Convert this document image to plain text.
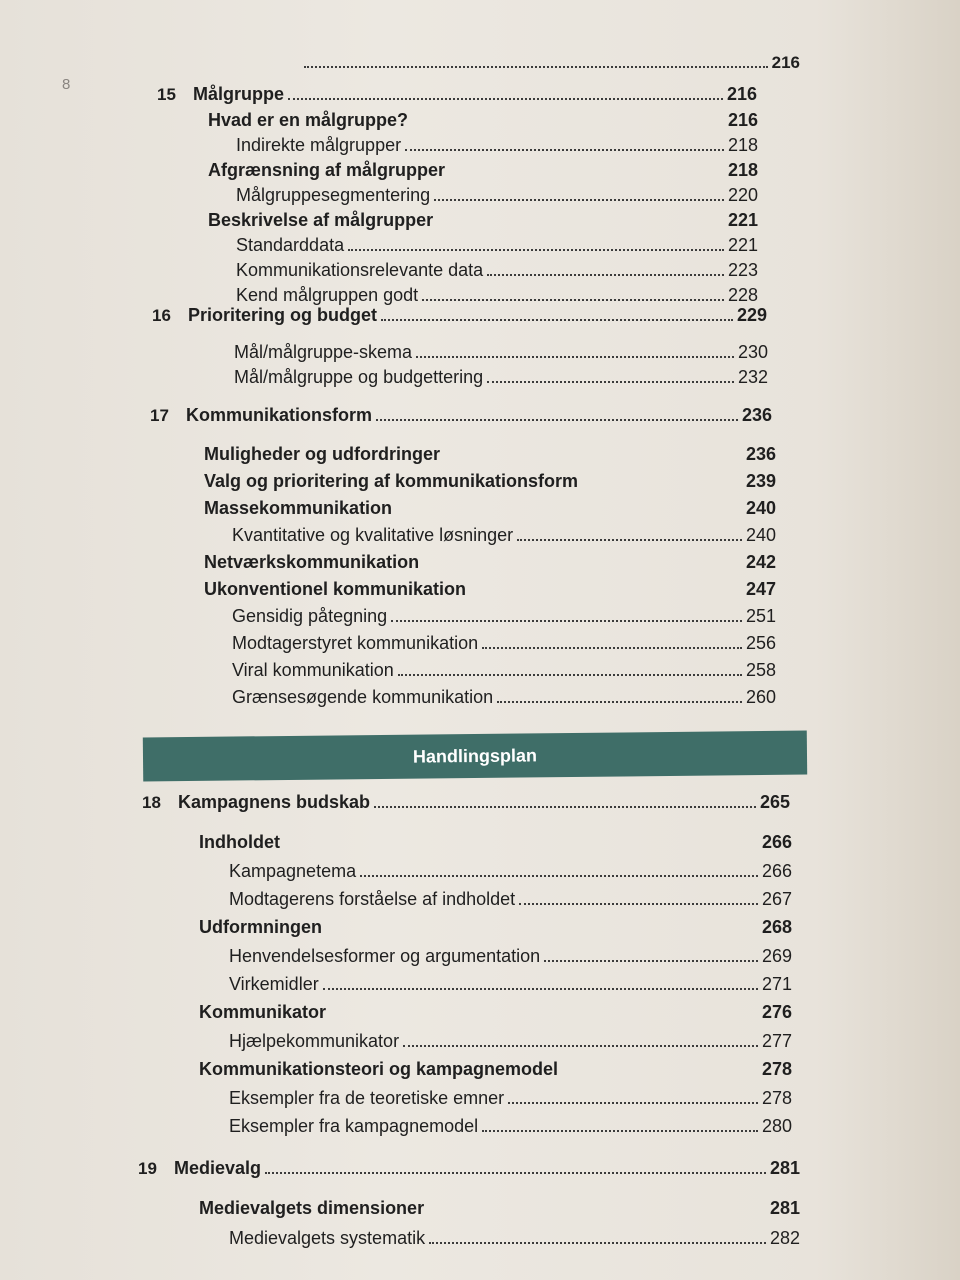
8
216
15 Målgruppe	216
Hvad er en målgruppe?	216
Indirekte målgrupper	218
Afgrænsning af målgrupper	218
Målgruppesegmentering	220
Beskrivelse af målgrupper	221
Standarddata	221
Kommunikationsrelevante data	223
Kend målgruppen godt	228
16 Prioritering og budget	229
Mål/målgruppe-skema	230
Mål/målgruppe og budgettering	232
17 Kommunikationsform	236
Muligheder og udfordringer	236
Valg og prioritering af kommunikationsform	239
Massekommunikation	240
Kvantitative og kvalitative løsninger	240
Netværkskommunikation	242
Ukonventionel kommunikation	247
Gensidig påtegning	251
Modtagerstyret kommunikation	256
Viral kommunikation	258
Grænsesøgende kommunikation	260
Handlingsplan
18 Kampagnens budskab	265
Indholdet	266
Kampagnetema	266
Modtagerens forståelse af indholdet	267
Udformningen	268
Henvendelsesformer og argumentation	269
Virkemidler	271
Kommunikator	276
Hjælpekommunikator	277
Kommunikationsteori og kampagnemodel	278
Eksempler fra de teoretiske emner	278
Eksempler fra kampagnemodel	280
19 Medievalg	281
Medievalgets dimensioner	281
Medievalgets systematik	282
